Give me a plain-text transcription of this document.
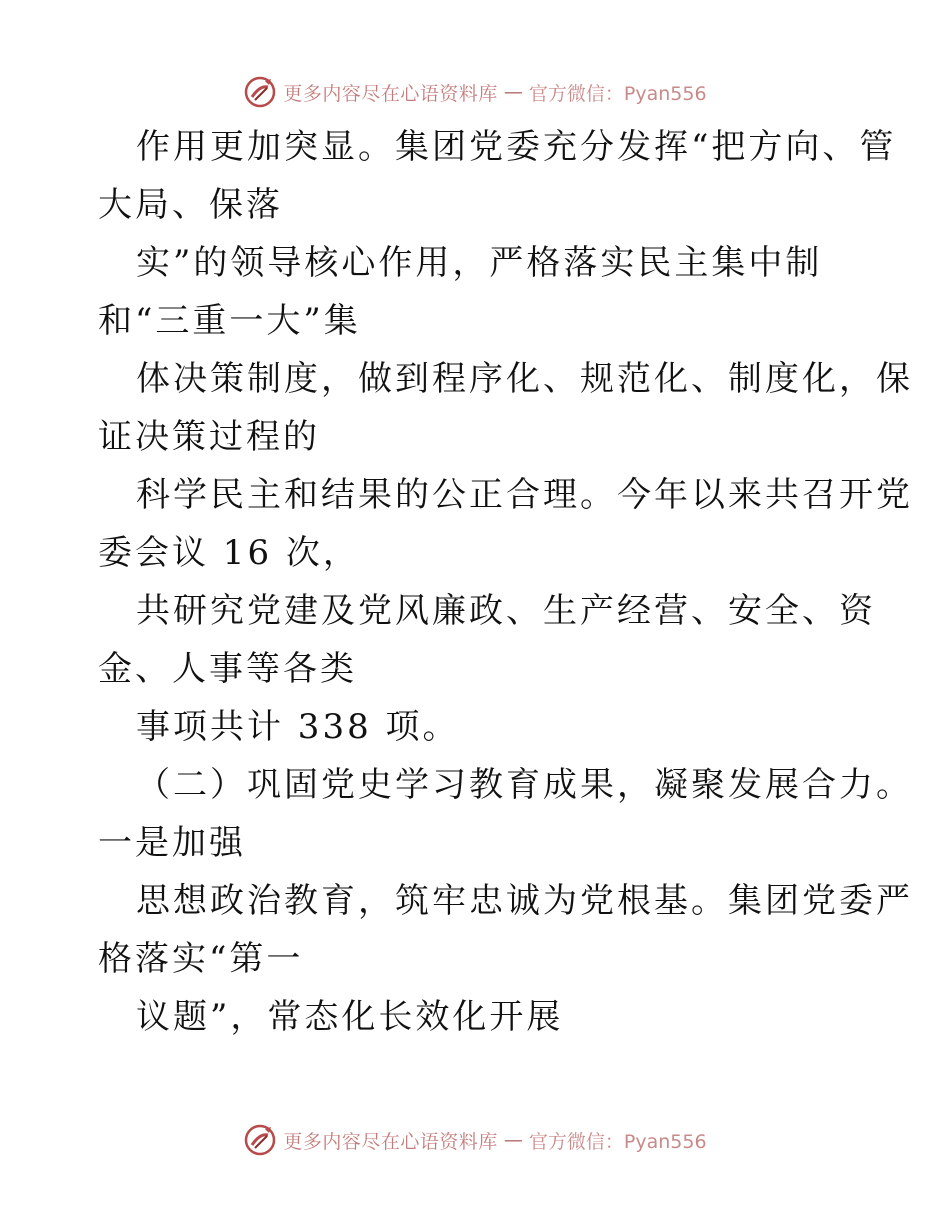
更多内容尽在心语资料库 — 官方微信：Pyan556
作用更加突显。集团党委充分发挥“把方向、管
大局、保落
实”的领导核心作用，严格落实民主集中制
和“三重一大”集
体决策制度，做到程序化、规范化、制度化，保
证决策过程的
科学民主和结果的公正合理。今年以来共召开党
委会议 16 次，
共研究党建及党风廉政、生产经营、安全、资
金、人事等各类
事项共计 338 项。
（二）巩固党史学习教育成果，凝聚发展合力。
一是加强
思想政治教育，筑牢忠诚为党根基。集团党委严
格落实“第一
议题”，常态化长效化开展
更多内容尽在心语资料库 — 官方微信：Pyan556
